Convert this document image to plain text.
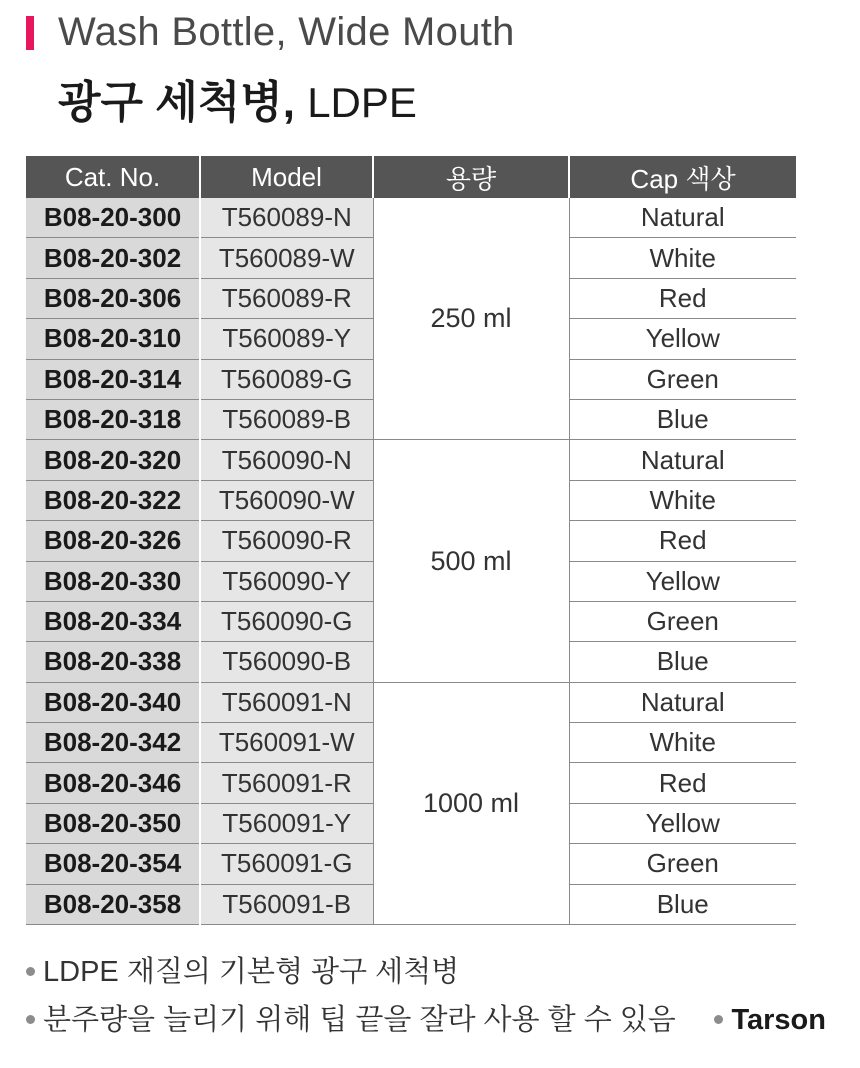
Wash Bottle, Wide Mouth
광구 세척병, LDPE
Cat. No.	Model	용량	Cap 색상
B08-20-300	T560089-N	250 ml	Natural
B08-20-302	T560089-W		White
B08-20-306	T560089-R		Red
B08-20-310	T560089-Y		Yellow
B08-20-314	T560089-G		Green
B08-20-318	T560089-B		Blue
B08-20-320	T560090-N	500 ml	Natural
B08-20-322	T560090-W		White
B08-20-326	T560090-R		Red
B08-20-330	T560090-Y		Yellow
B08-20-334	T560090-G		Green
B08-20-338	T560090-B		Blue
B08-20-340	T560091-N	1000 ml	Natural
B08-20-342	T560091-W		White
B08-20-346	T560091-R		Red
B08-20-350	T560091-Y		Yellow
B08-20-354	T560091-G		Green
B08-20-358	T560091-B		Blue
LDPE 재질의 기본형 광구 세척병
분주량을 늘리기 위해 팁 끝을 잘라 사용 할 수 있음	Tarson
